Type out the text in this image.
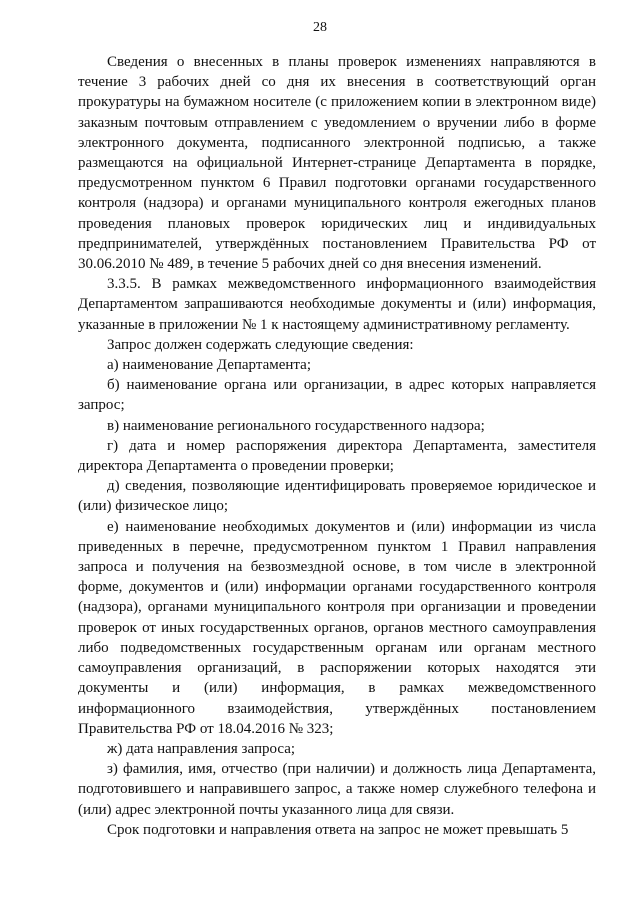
28

Сведения о внесенных в планы проверок изменениях направляются в течение 3 рабочих дней со дня их внесения в соответствующий орган прокуратуры на бумажном носителе (с приложением копии в электронном виде) заказным почтовым отправлением с уведомлением о вручении либо в форме электронного документа, подписанного электронной подписью, а также размещаются на официальной Интернет-странице Департамента в порядке, предусмотренном пунктом 6 Правил подготовки органами государственного контроля (надзора) и органами муниципального контроля ежегодных планов проведения плановых проверок юридических лиц и индивидуальных предпринимателей, утверждённых постановлением Правительства РФ от 30.06.2010 № 489, в течение 5 рабочих дней со дня внесения изменений.

3.3.5. В рамках межведомственного информационного взаимодействия Департаментом запрашиваются необходимые документы и (или) информация, указанные в приложении № 1 к настоящему административному регламенту.

Запрос должен содержать следующие сведения:

а) наименование Департамента;

б) наименование органа или организации, в адрес которых направляется запрос;

в) наименование регионального государственного надзора;

г) дата и номер распоряжения директора Департамента, заместителя директора Департамента о проведении проверки;

д) сведения, позволяющие идентифицировать проверяемое юридическое и (или) физическое лицо;

е) наименование необходимых документов и (или) информации из числа приведенных в перечне, предусмотренном пунктом 1 Правил направления запроса и получения на безвозмездной основе, в том числе в электронной форме, документов и (или) информации органами государственного контроля (надзора), органами муниципального контроля при организации и проведении проверок от иных государственных органов, органов местного самоуправления либо подведомственных государственным органам или органам местного самоуправления организаций, в распоряжении которых находятся эти документы и (или) информация, в рамках межведомственного информационного взаимодействия, утверждённых постановлением Правительства РФ от 18.04.2016 № 323;

ж) дата направления запроса;

з) фамилия, имя, отчество (при наличии) и должность лица Департамента, подготовившего и направившего запрос, а также номер служебного телефона и (или) адрес электронной почты указанного лица для связи.

Срок подготовки и направления ответа на запрос не может превышать 5
